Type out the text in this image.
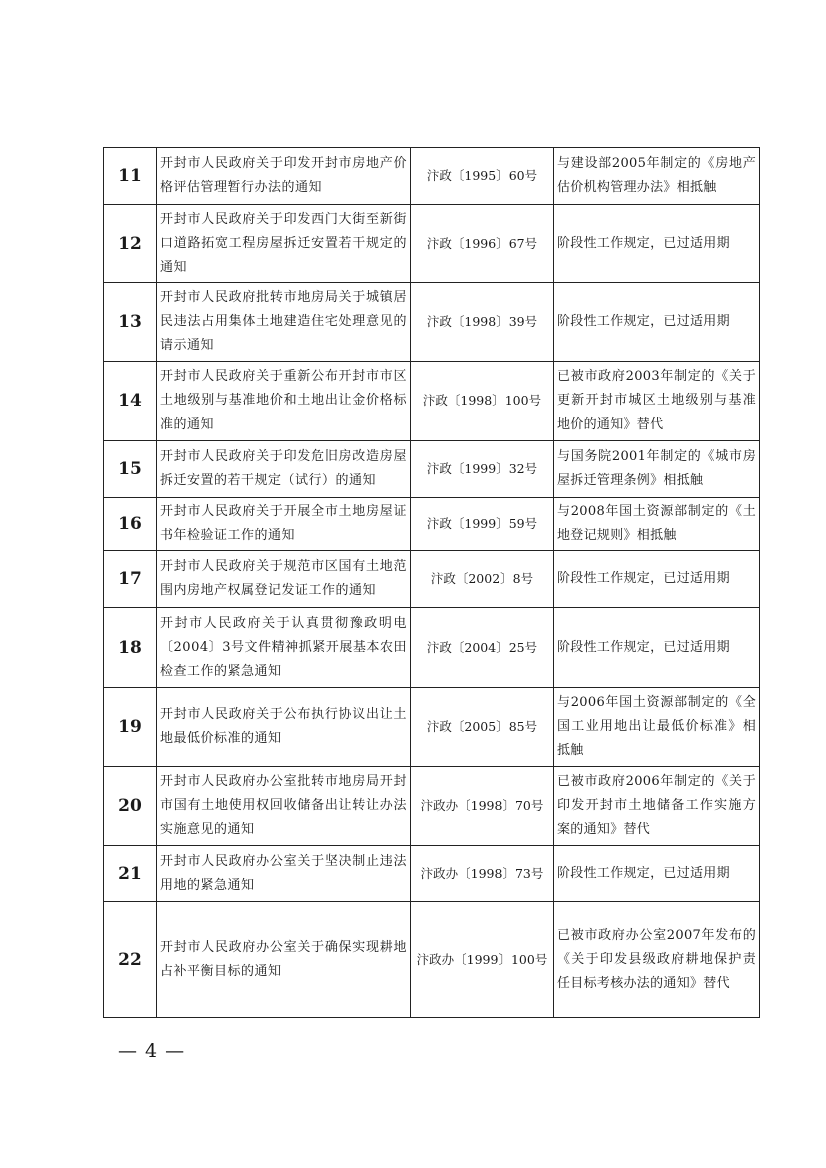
11	开封市人民政府关于印发开封市房地产价格评估管理暂行办法的通知	汴政〔1995〕60号	与建设部2005年制定的《房地产估价机构管理办法》相抵触
12	开封市人民政府关于印发西门大街至新街口道路拓宽工程房屋拆迁安置若干规定的通知	汴政〔1996〕67号	阶段性工作规定，已过适用期
13	开封市人民政府批转市地房局关于城镇居民违法占用集体土地建造住宅处理意见的请示通知	汴政〔1998〕39号	阶段性工作规定，已过适用期
14	开封市人民政府关于重新公布开封市市区土地级别与基准地价和土地出让金价格标准的通知	汴政〔1998〕100号	已被市政府2003年制定的《关于更新开封市城区土地级别与基准地价的通知》替代
15	开封市人民政府关于印发危旧房改造房屋拆迁安置的若干规定（试行）的通知	汴政〔1999〕32号	与国务院2001年制定的《城市房屋拆迁管理条例》相抵触
16	开封市人民政府关于开展全市土地房屋证书年检验证工作的通知	汴政〔1999〕59号	与2008年国土资源部制定的《土地登记规则》相抵触
17	开封市人民政府关于规范市区国有土地范围内房地产权属登记发证工作的通知	汴政〔2002〕8号	阶段性工作规定，已过适用期
18	开封市人民政府关于认真贯彻豫政明电〔2004〕3号文件精神抓紧开展基本农田检查工作的紧急通知	汴政〔2004〕25号	阶段性工作规定，已过适用期
19	开封市人民政府关于公布执行协议出让土地最低价标准的通知	汴政〔2005〕85号	与2006年国土资源部制定的《全国工业用地出让最低价标准》相抵触
20	开封市人民政府办公室批转市地房局开封市国有土地使用权回收储备出让转让办法实施意见的通知	汴政办〔1998〕70号	已被市政府2006年制定的《关于印发开封市土地储备工作实施方案的通知》替代
21	开封市人民政府办公室关于坚决制止违法用地的紧急通知	汴政办〔1998〕73号	阶段性工作规定，已过适用期
22	开封市人民政府办公室关于确保实现耕地占补平衡目标的通知	汴政办〔1999〕100号	已被市政府办公室2007年发布的《关于印发县级政府耕地保护责任目标考核办法的通知》替代
— 4 —
